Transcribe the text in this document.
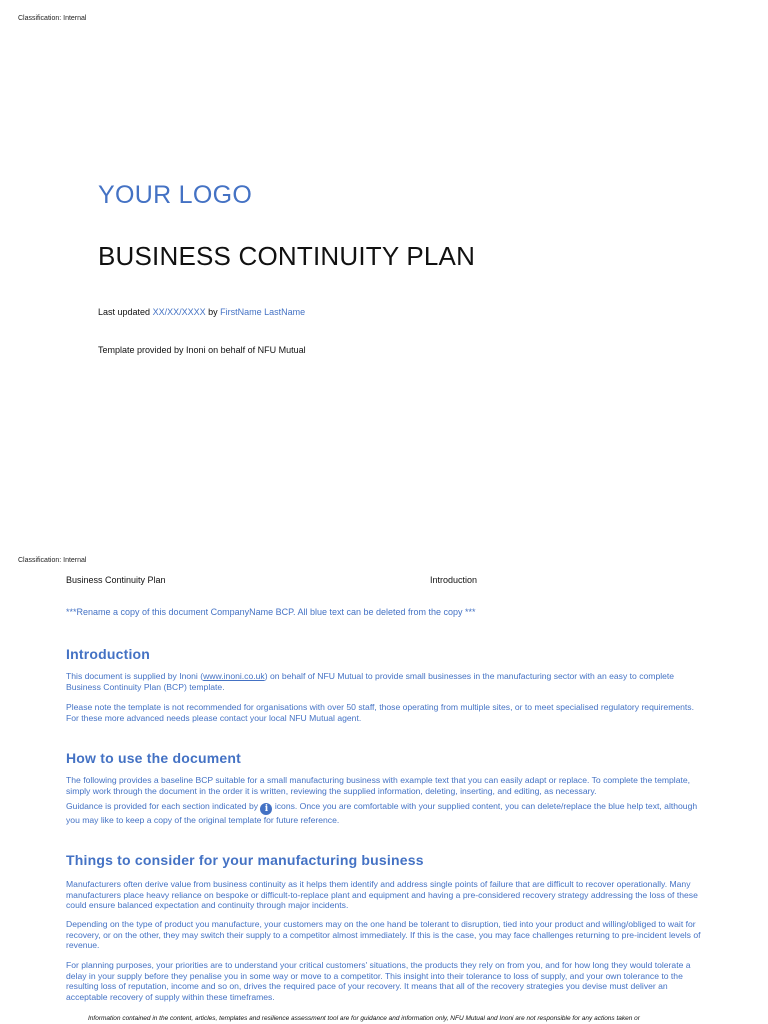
Classification: Internal
YOUR LOGO
BUSINESS CONTINUITY PLAN
Last updated XX/XX/XXXX by FirstName LastName
Template provided by Inoni on behalf of NFU Mutual
Classification: Internal
Business Continuity Plan	Introduction
***Rename a copy of this document CompanyName BCP. All blue text can be deleted from the copy ***
Introduction

This document is supplied by Inoni (www.inoni.co.uk) on behalf of NFU Mutual to provide small businesses in the manufacturing sector with an easy to complete Business Continuity Plan (BCP) template.

Please note the template is not recommended for organisations with over 50 staff, those operating from multiple sites, or to meet specialised regulatory requirements. For these more advanced needs please contact your local NFU Mutual agent.

How to use the document

The following provides a baseline BCP suitable for a small manufacturing business with example text that you can easily adapt or replace. To complete the template, simply work through the document in the order it is written, reviewing the supplied information, deleting, inserting, and editing, as necessary.

Guidance is provided for each section indicated by i icons. Once you are comfortable with your supplied content, you can delete/replace the blue help text, although you may like to keep a copy of the original template for future reference.

Things to consider for your manufacturing business

Manufacturers often derive value from business continuity as it helps them identify and address single points of failure that are difficult to recover operationally. Many manufacturers place heavy reliance on bespoke or difficult-to-replace plant and equipment and having a pre-considered recovery strategy addressing the loss of these could ensure balanced expectation and continuity through major incidents.

Depending on the type of product you manufacture, your customers may on the one hand be tolerant to disruption, tied into your product and willing/obliged to wait for recovery, or on the other, they may switch their supply to a competitor almost immediately. If this is the case, you may face challenges returning to pre-incident levels of revenue.

For planning purposes, your priorities are to understand your critical customers' situations, the products they rely on from you, and for how long they would tolerate a delay in your supply before they penalise you in some way or move to a competitor. This insight into their tolerance to loss of supply, and your own tolerance to the resulting loss of reputation, income and so on, drives the required pace of your recovery. It means that all of the recovery strategies you devise must deliver an acceptable recovery of supply within these timeframes.

Information contained in the content, articles, templates and resilience assessment tool are for guidance and information only, NFU Mutual and Inoni are not responsible for any actions taken or
